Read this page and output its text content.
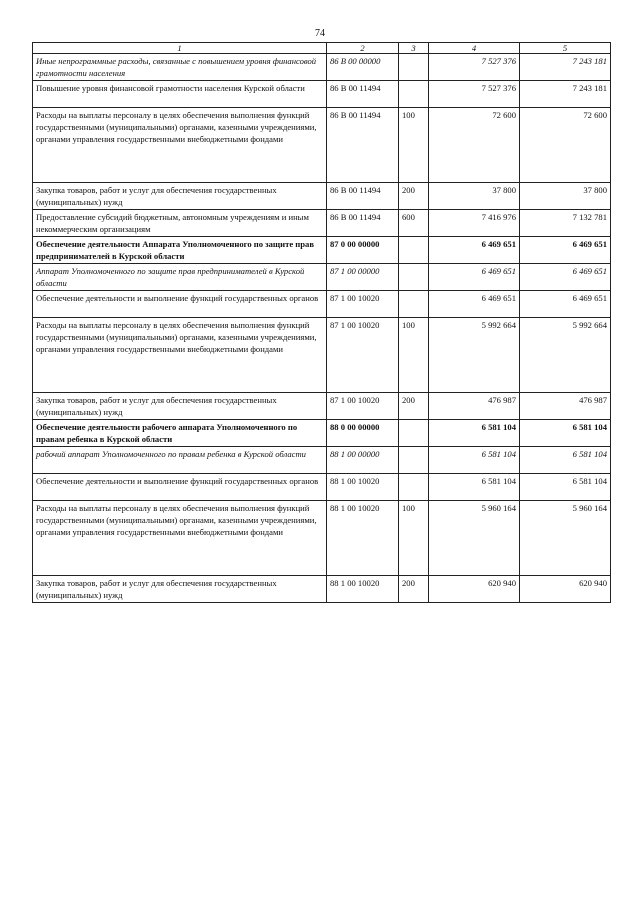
74
1	2	3	4	5
Иные непрограммные расходы, связанные с повышением уровня финансовой грамотности населения	86 В 00 00000		7 527 376	7 243 181
Повышение уровня финансовой грамотности населения Курской области	86 В 00 11494		7 527 376	7 243 181
Расходы на выплаты персоналу в целях обеспечения выполнения функций государственными (муниципальными) органами, казенными учреждениями, органами управления государственными внебюджетными фондами	86 В 00 11494	100	72 600	72 600
Закупка товаров, работ и услуг для обеспечения государственных (муниципальных) нужд	86 В 00 11494	200	37 800	37 800
Предоставление субсидий бюджетным, автономным учреждениям и иным некоммерческим организациям	86 В 00 11494	600	7 416 976	7 132 781
Обеспечение деятельности Аппарата Уполномоченного по защите прав предпринимателей в Курской области	87 0 00 00000		6 469 651	6 469 651
Аппарат Уполномоченного по защите прав предпринимателей в Курской области	87 1 00 00000		6 469 651	6 469 651
Обеспечение деятельности и выполнение функций государственных органов	87 1 00 10020		6 469 651	6 469 651
Расходы на выплаты персоналу в целях обеспечения выполнения функций государственными (муниципальными) органами, казенными учреждениями, органами управления государственными внебюджетными фондами	87 1 00 10020	100	5 992 664	5 992 664
Закупка товаров, работ и услуг для обеспечения государственных (муниципальных) нужд	87 1 00 10020	200	476 987	476 987
Обеспечение деятельности рабочего аппарата Уполномоченного по правам ребенка в Курской области	88 0 00 00000		6 581 104	6 581 104
рабочий аппарат Уполномоченного по правам ребенка в Курской области	88 1 00 00000		6 581 104	6 581 104
Обеспечение деятельности и выполнение функций государственных органов	88 1 00 10020		6 581 104	6 581 104
Расходы на выплаты персоналу в целях обеспечения выполнения функций государственными (муниципальными) органами, казенными учреждениями, органами управления государственными внебюджетными фондами	88 1 00 10020	100	5 960 164	5 960 164
Закупка товаров, работ и услуг для обеспечения государственных (муниципальных) нужд	88 1 00 10020	200	620 940	620 940
